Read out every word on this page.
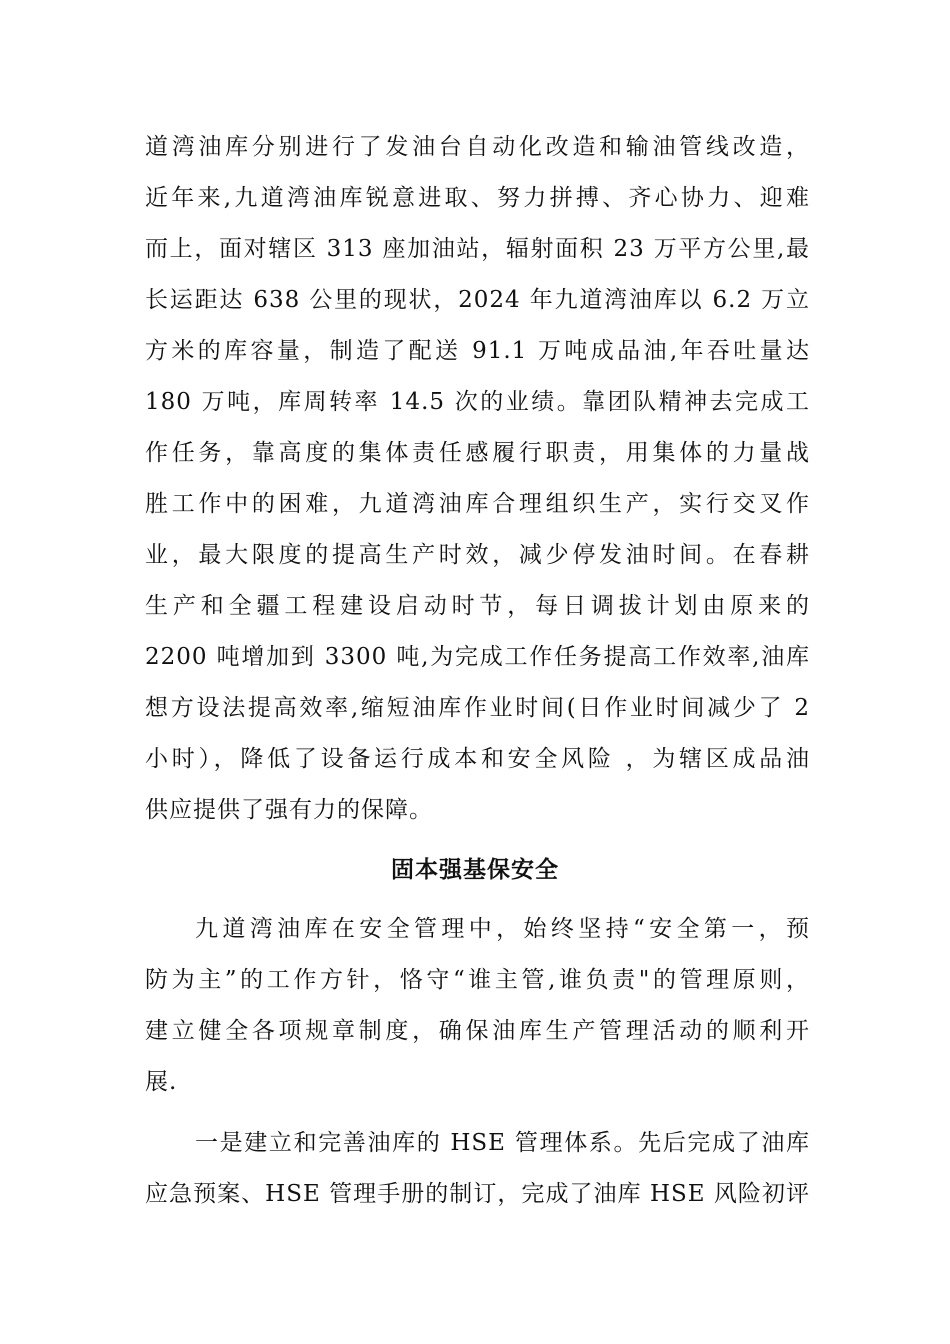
道湾油库分别进行了发油台自动化改造和输油管线改造，
近年来,九道湾油库锐意进取、努力拼搏、齐心协力、迎难
而上，面对辖区 313 座加油站，辐射面积 23 万平方公里,最
长运距达 638 公里的现状，2024 年九道湾油库以 6.2 万立
方米的库容量，制造了配送 91.1 万吨成品油,年吞吐量达
180 万吨，库周转率 14.5 次的业绩。靠团队精神去完成工
作任务，靠高度的集体责任感履行职责，用集体的力量战
胜工作中的困难，九道湾油库合理组织生产，实行交叉作
业，最大限度的提高生产时效，减少停发油时间。在春耕
生产和全疆工程建设启动时节，每日调拔计划由原来的
2200 吨增加到 3300 吨,为完成工作任务提高工作效率,油库
想方设法提高效率,缩短油库作业时间(日作业时间减少了 2
小时），降低了设备运行成本和安全风险 ，为辖区成品油
供应提供了强有力的保障。
固本强基保安全
九道湾油库在安全管理中，始终坚持“安全第一，预
防为主”的工作方针，恪守“谁主管,谁负责"的管理原则，
建立健全各项规章制度，确保油库生产管理活动的顺利开
展.
一是建立和完善油库的 HSE 管理体系。先后完成了油库
应急预案、HSE 管理手册的制订，完成了油库 HSE 风险初评
